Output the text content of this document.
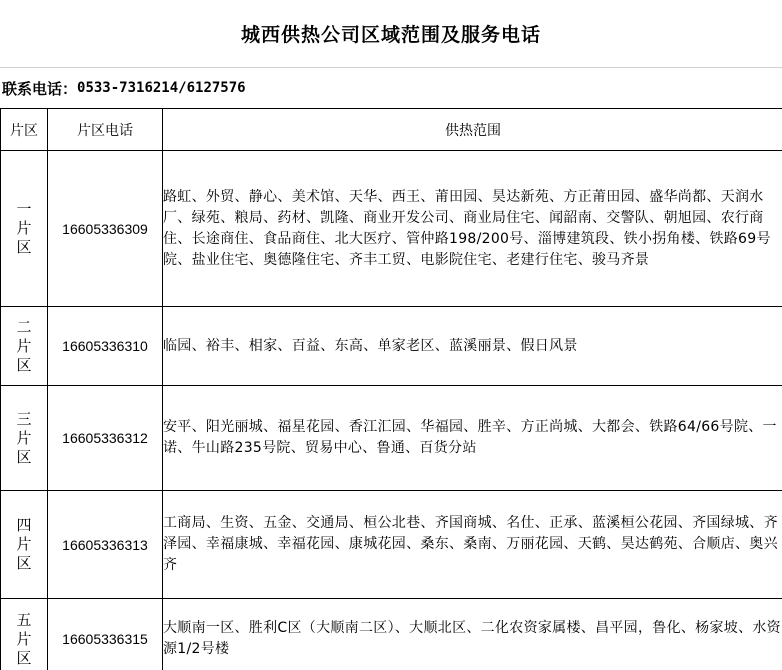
城西供热公司区域范围及服务电话
联系电话： 0533-7316214/6127576
片区	片区电话	供热范围

一
片
区	16605336309	路虹、外贸、静心、美术馆、天华、西王、莆田园、昊达新苑、方正莆田园、盛华尚都、天润水厂、绿苑、粮局、药材、凯隆、商业开发公司、商业局住宅、闻韶南、交警队、朝旭园、农行商住、长途商住、食品商住、北大医疗、管仲路198/200号、淄博建筑段、铁小拐角楼、铁路69号院、盐业住宅、奥德隆住宅、齐丰工贸、电影院住宅、老建行住宅、骏马齐景

二
片
区	16605336310	临园、裕丰、相家、百益、东高、单家老区、蓝溪丽景、假日风景

三
片
区	16605336312	安平、阳光丽城、福星花园、香江汇园、华福园、胜辛、方正尚城、大都会、铁路64/66号院、一诺、牛山路235号院、贸易中心、鲁通、百货分站

四
片
区	16605336313	工商局、生资、五金、交通局、桓公北巷、齐国商城、名仕、正承、蓝溪桓公花园、齐国绿城、齐泽园、幸福康城、幸福花园、康城花园、桑东、桑南、万丽花园、天鹤、昊达鹤苑、合顺店、奥兴齐

五
片
区	16605336315	大顺南一区、胜利C区（大顺南二区）、大顺北区、二化农资家属楼、昌平园，鲁化、杨家坡、水资源1/2号楼
